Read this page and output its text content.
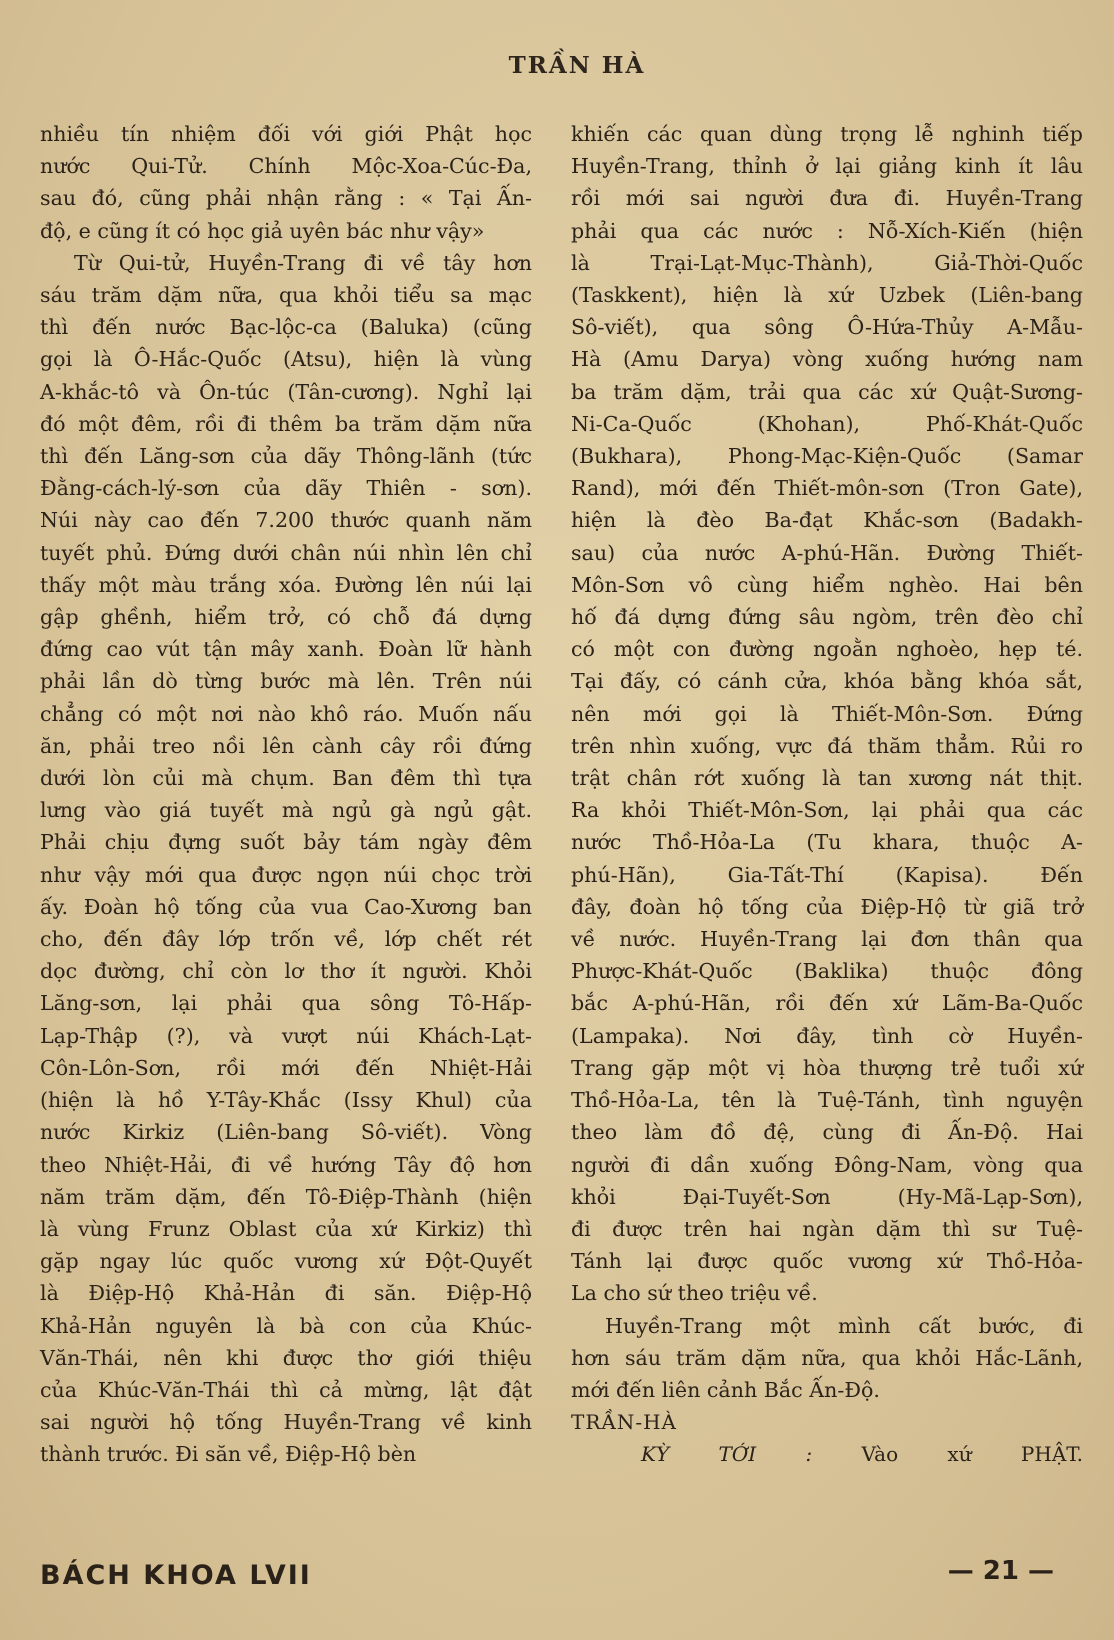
TRẦN HÀ

nhiều tín nhiệm đối với giới Phật học

nước Qui-Tử. Chính Mộc-Xoa-Cúc-Đa,

sau đó, cũng phải nhận rằng : « Tại Ấn-

độ, e cũng ít có học giả uyên bác như vậy»

Từ Qui-tử, Huyền-Trang đi về tây hơn

sáu trăm dặm nữa, qua khỏi tiểu sa mạc

thì đến nước Bạc-lộc-ca (Baluka) (cũng

gọi là Ô-Hắc-Quốc (Atsu), hiện là vùng

A-khắc-tô và Ôn-túc (Tân-cương). Nghỉ lại

đó một đêm, rồi đi thêm ba trăm dặm nữa

thì đến Lăng-sơn của dãy Thông-lãnh (tức

Đằng-cách-lý-sơn của dãy Thiên - sơn).

Núi này cao đến 7.200 thước quanh năm

tuyết phủ. Đứng dưới chân núi nhìn lên chỉ

thấy một màu trắng xóa. Đường lên núi lại

gập ghềnh, hiểm trở, có chỗ đá dựng

đứng cao vút tận mây xanh. Đoàn lữ hành

phải lần dò từng bước mà lên. Trên núi

chẳng có một nơi nào khô ráo. Muốn nấu

ăn, phải treo nồi lên cành cây rồi đứng

dưới lòn củi mà chụm. Ban đêm thì tựa

lưng vào giá tuyết mà ngủ gà ngủ gật.

Phải chịu đựng suốt bảy tám ngày đêm

như vậy mới qua được ngọn núi chọc trời

ấy. Đoàn hộ tống của vua Cao-Xương ban

cho, đến đây lớp trốn về, lớp chết rét

dọc đường, chỉ còn lơ thơ ít người. Khỏi

Lăng-sơn, lại phải qua sông Tô-Hấp-

Lạp-Thập (?), và vượt núi Khách-Lạt-

Côn-Lôn-Sơn, rồi mới đến Nhiệt-Hải

(hiện là hồ Y-Tây-Khắc (Issy Khul) của

nước Kirkiz (Liên-bang Sô-viết). Vòng

theo Nhiệt-Hải, đi về hướng Tây độ hơn

năm trăm dặm, đến Tô-Điệp-Thành (hiện

là vùng Frunz Oblast của xứ Kirkiz) thì

gặp ngay lúc quốc vương xứ Đột-Quyết

là Điệp-Hộ Khả-Hản đi săn. Điệp-Hộ

Khả-Hản nguyên là bà con của Khúc-

Văn-Thái, nên khi được thơ giới thiệu

của Khúc-Văn-Thái thì cả mừng, lật đật

sai người hộ tống Huyền-Trang về kinh

thành trước. Đi săn về, Điệp-Hộ bèn

khiến các quan dùng trọng lễ nghinh tiếp

Huyền-Trang, thỉnh ở lại giảng kinh ít lâu

rồi mới sai người đưa đi. Huyền-Trang

phải qua các nước : Nỗ-Xích-Kiến (hiện

là Trại-Lạt-Mục-Thành), Giả-Thời-Quốc

(Taskkent), hiện là xứ Uzbek (Liên-bang

Sô-viết), qua sông Ô-Hứa-Thủy A-Mẫu-

Hà (Amu Darya) vòng xuống hướng nam

ba trăm dặm, trải qua các xứ Quật-Sương-

Ni-Ca-Quốc (Khohan), Phố-Khát-Quốc

(Bukhara), Phong-Mạc-Kiện-Quốc (Samar

Rand), mới đến Thiết-môn-sơn (Tron Gate),

hiện là đèo Ba-đạt Khắc-sơn (Badakh-

sau) của nước A-phú-Hãn. Đường Thiết-

Môn-Sơn vô cùng hiểm nghèo. Hai bên

hố đá dựng đứng sâu ngòm, trên đèo chỉ

có một con đường ngoằn nghoèo, hẹp té.

Tại đấy, có cánh cửa, khóa bằng khóa sắt,

nên mới gọi là Thiết-Môn-Sơn. Đứng

trên nhìn xuống, vực đá thăm thẳm. Rủi ro

trật chân rớt xuống là tan xương nát thịt.

Ra khỏi Thiết-Môn-Sơn, lại phải qua các

nước Thồ-Hỏa-La (Tu khara, thuộc A-

phú-Hãn), Gia-Tất-Thí (Kapisa). Đến

đây, đoàn hộ tống của Điệp-Hộ từ giã trở

về nước. Huyền-Trang lại đơn thân qua

Phược-Khát-Quốc (Baklika) thuộc đông

bắc A-phú-Hãn, rồi đến xứ Lãm-Ba-Quốc

(Lampaka). Nơi đây, tình cờ Huyền-

Trang gặp một vị hòa thượng trẻ tuổi xứ

Thồ-Hỏa-La, tên là Tuệ-Tánh, tình nguyện

theo làm đồ đệ, cùng đi Ấn-Độ. Hai

người đi dần xuống Đông-Nam, vòng qua

khỏi Đại-Tuyết-Sơn (Hy-Mã-Lạp-Sơn),

đi được trên hai ngàn dặm thì sư Tuệ-

Tánh lại được quốc vương xứ Thồ-Hỏa-

La cho sứ theo triệu về.

Huyền-Trang một mình cất bước, đi

hơn sáu trăm dặm nữa, qua khỏi Hắc-Lãnh,

mới đến liên cảnh Bắc Ấn-Độ.

TRẦN-HÀ

KỲ TỚI : Vào xứ PHẬT.

BÁCH KHOA LVII	— 21 —
